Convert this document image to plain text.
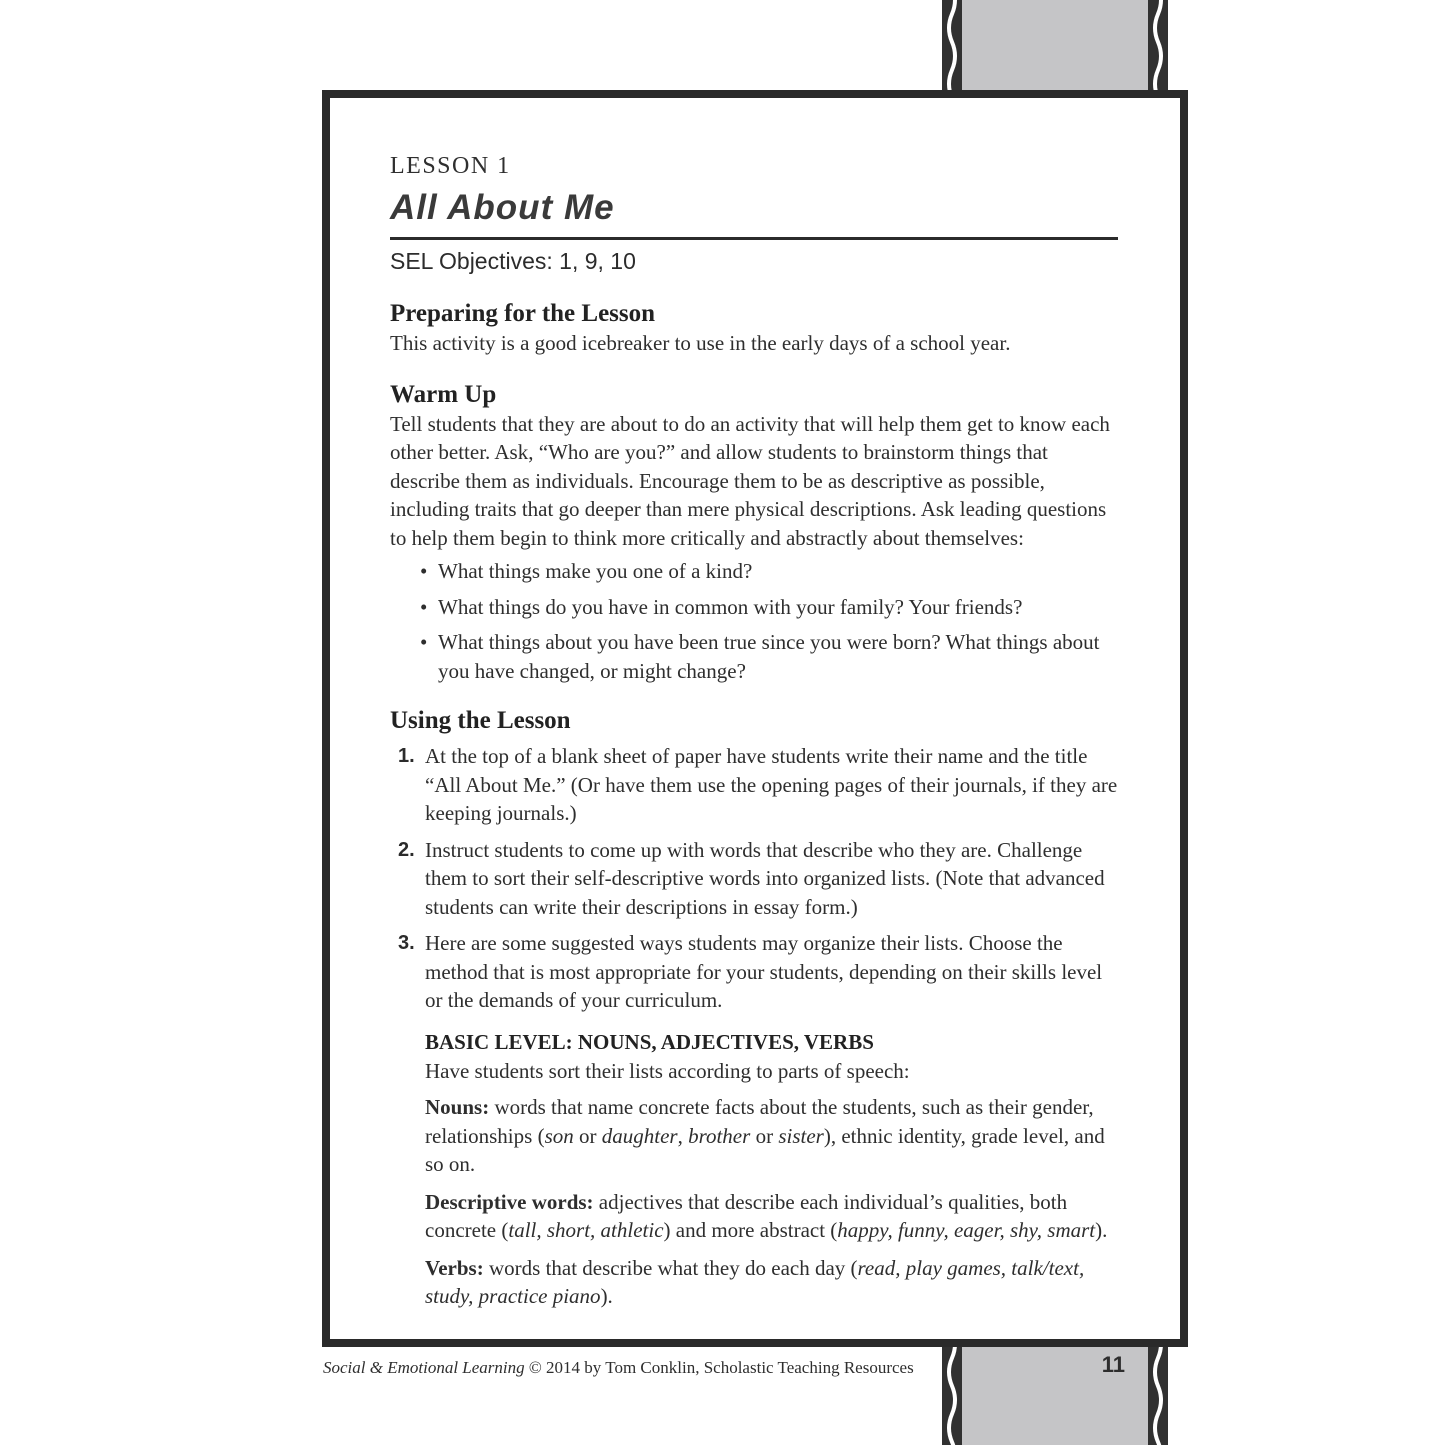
LESSON 1
All About Me
SEL Objectives: 1, 9, 10
Preparing for the Lesson

This activity is a good icebreaker to use in the early days of a school year.

Warm Up

Tell students that they are about to do an activity that will help them get to know each other better. Ask, “Who are you?” and allow students to brainstorm things that describe them as individuals. Encourage them to be as descriptive as possible, including traits that go deeper than mere physical descriptions. Ask leading questions to help them begin to think more critically and abstractly about themselves:

• What things make you one of a kind?
• What things do you have in common with your family? Your friends?
• What things about you have been true since you were born? What things about you have changed, or might change?
Using the Lesson
1. At the top of a blank sheet of paper have students write their name and the title “All About Me.” (Or have them use the opening pages of their journals, if they are keeping journals.)
2. Instruct students to come up with words that describe who they are. Challenge them to sort their self-descriptive words into organized lists. (Note that advanced students can write their descriptions in essay form.)
3. Here are some suggested ways students may organize their lists. Choose the method that is most appropriate for your students, depending on their skills level or the demands of your curriculum.
BASIC LEVEL: NOUNS, ADJECTIVES, VERBS

Have students sort their lists according to parts of speech:

Nouns: words that name concrete facts about the students, such as their gender, relationships (son or daughter, brother or sister), ethnic identity, grade level, and so on.

Descriptive words: adjectives that describe each individual’s qualities, both concrete (tall, short, athletic) and more abstract (happy, funny, eager, shy, smart).

Verbs: words that describe what they do each day (read, play games, talk/text, study, practice piano).

Social & Emotional Learning © 2014 by Tom Conklin, Scholastic Teaching Resources	11
